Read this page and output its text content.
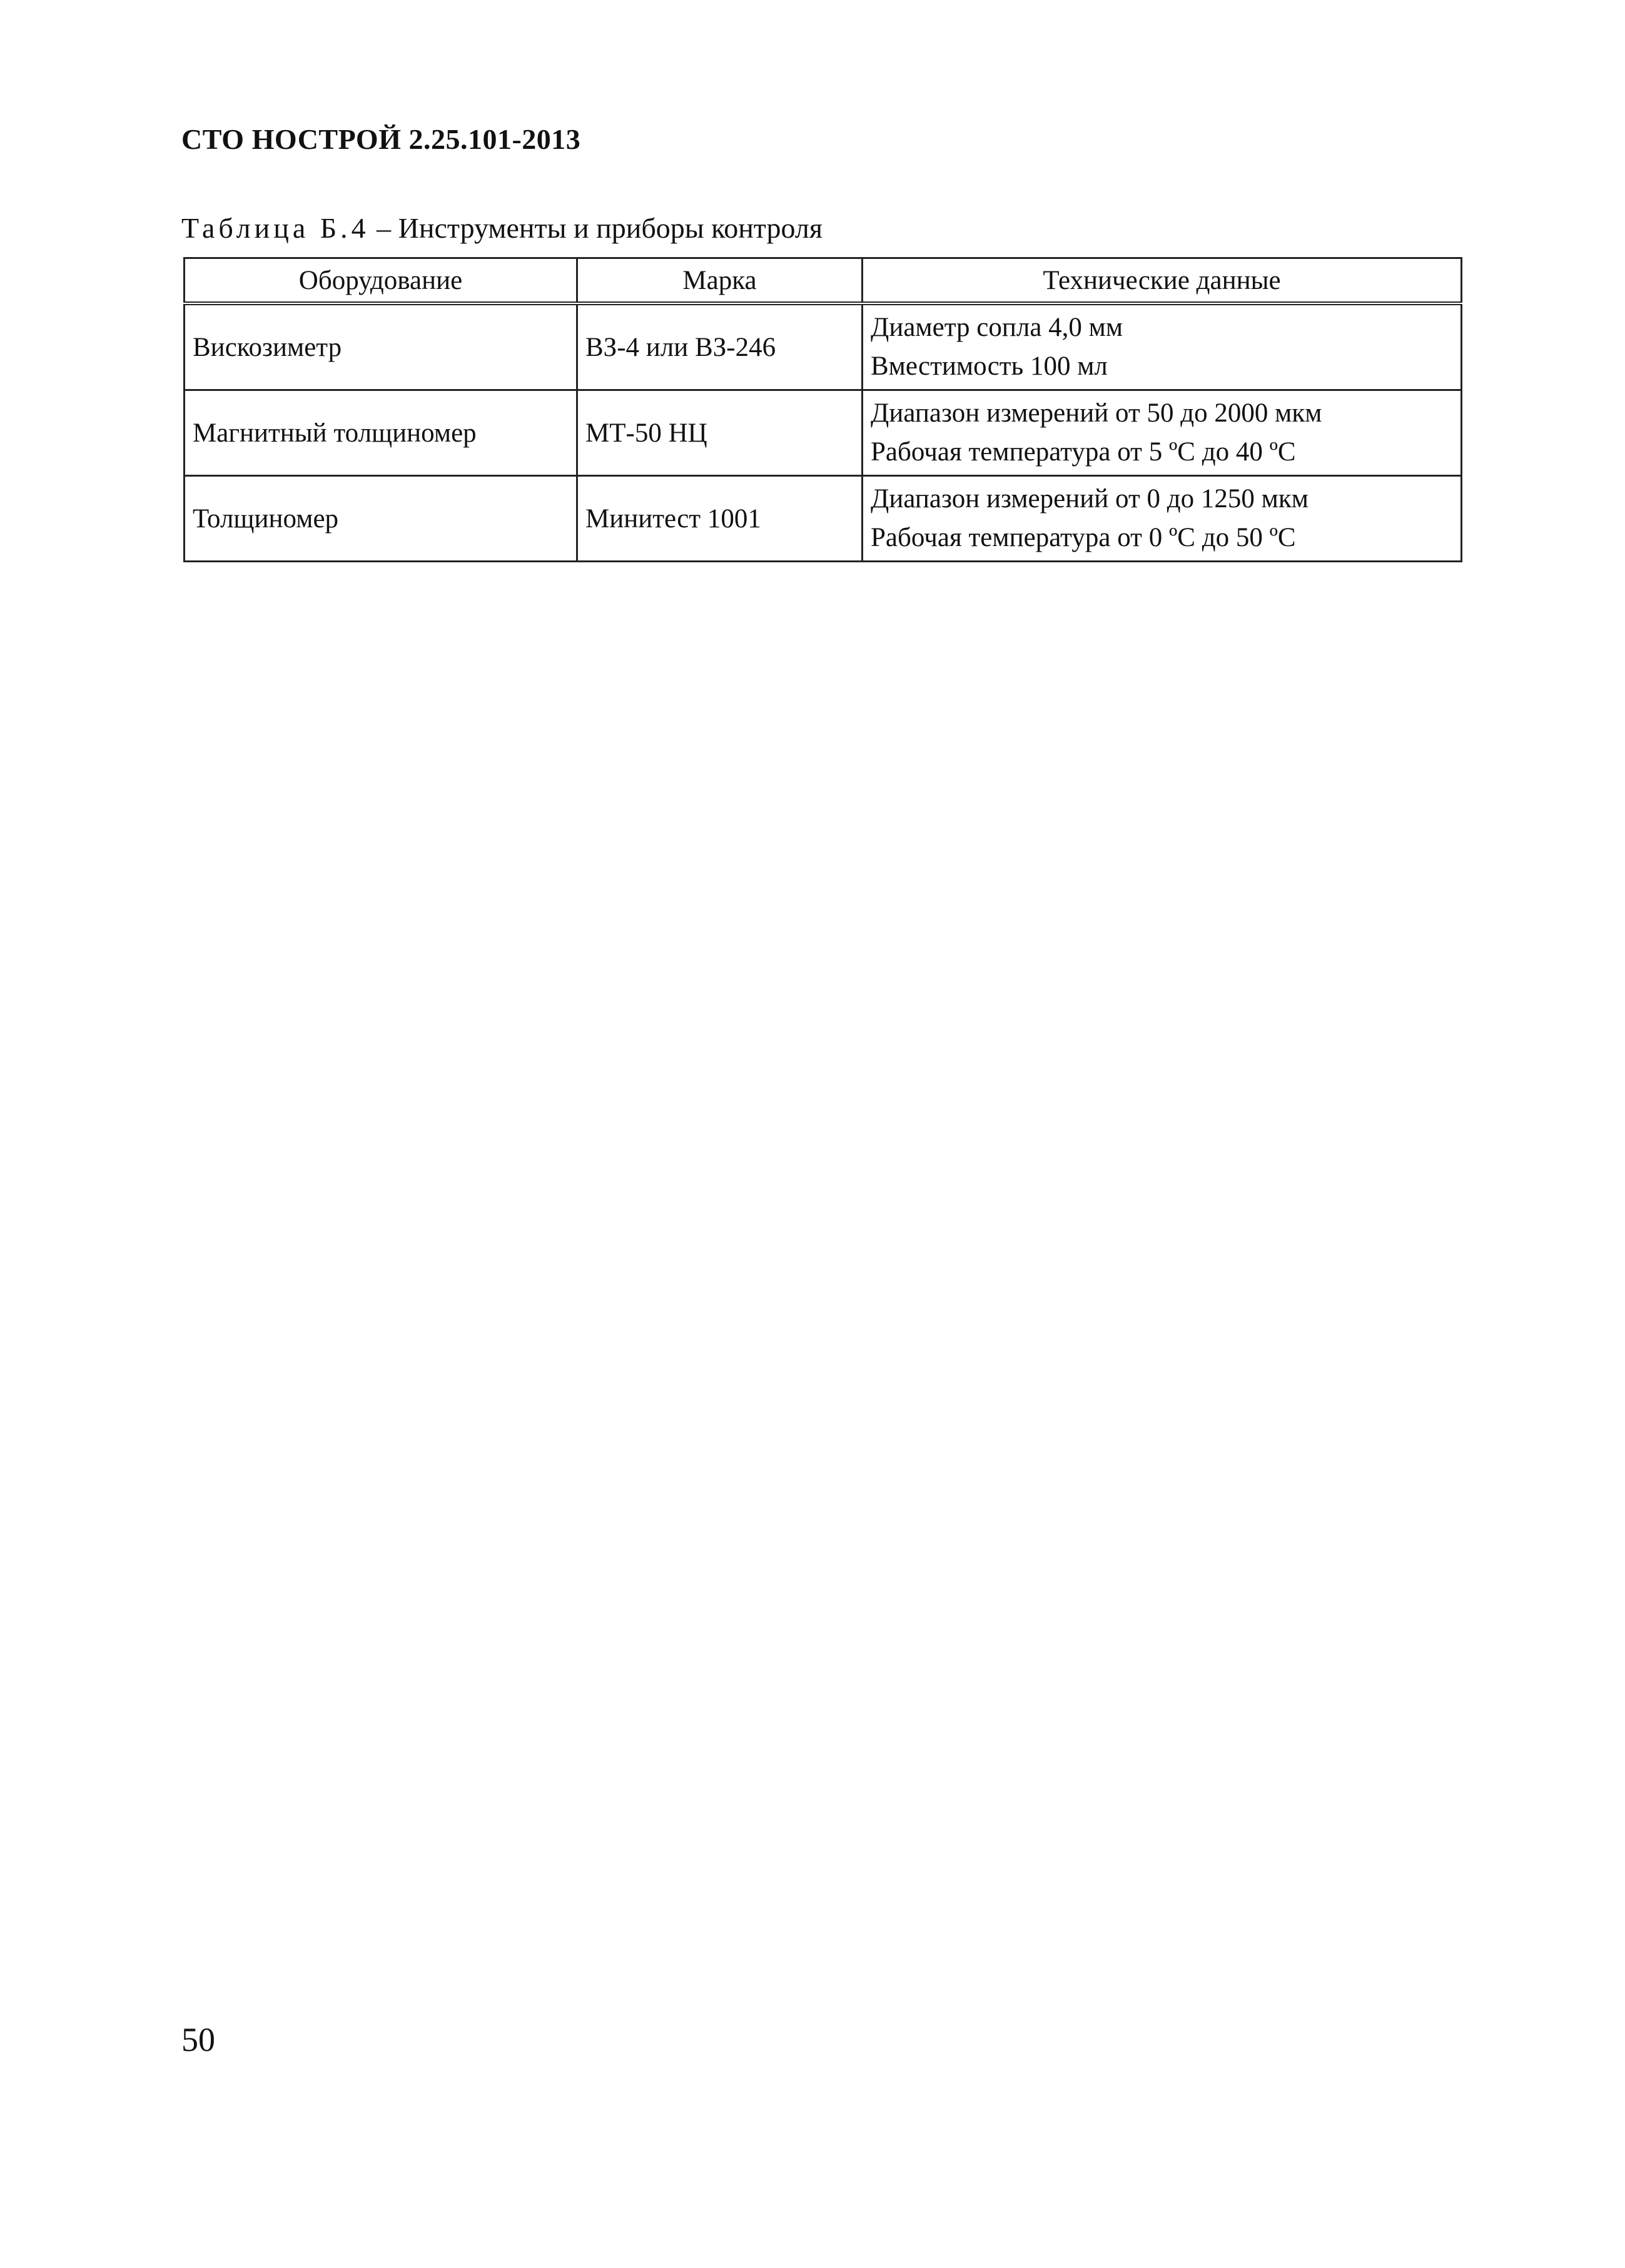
СТО НОСТРОЙ 2.25.101-2013
Таблица Б.4 – Инструменты и приборы контроля
Оборудование	Марка	Технические данные
Вискозиметр	ВЗ-4 или ВЗ-246	Диаметр сопла 4,0 мм
Вместимость 100 мл

Магнитный толщиномер	МТ-50 НЦ	Диапазон измерений от 50 до 2000 мкм
Рабочая температура от 5 ºС до 40 ºС

Толщиномер	Минитест 1001	Диапазон измерений от 0 до 1250 мкм
Рабочая температура от 0 ºС до 50 ºС
50
